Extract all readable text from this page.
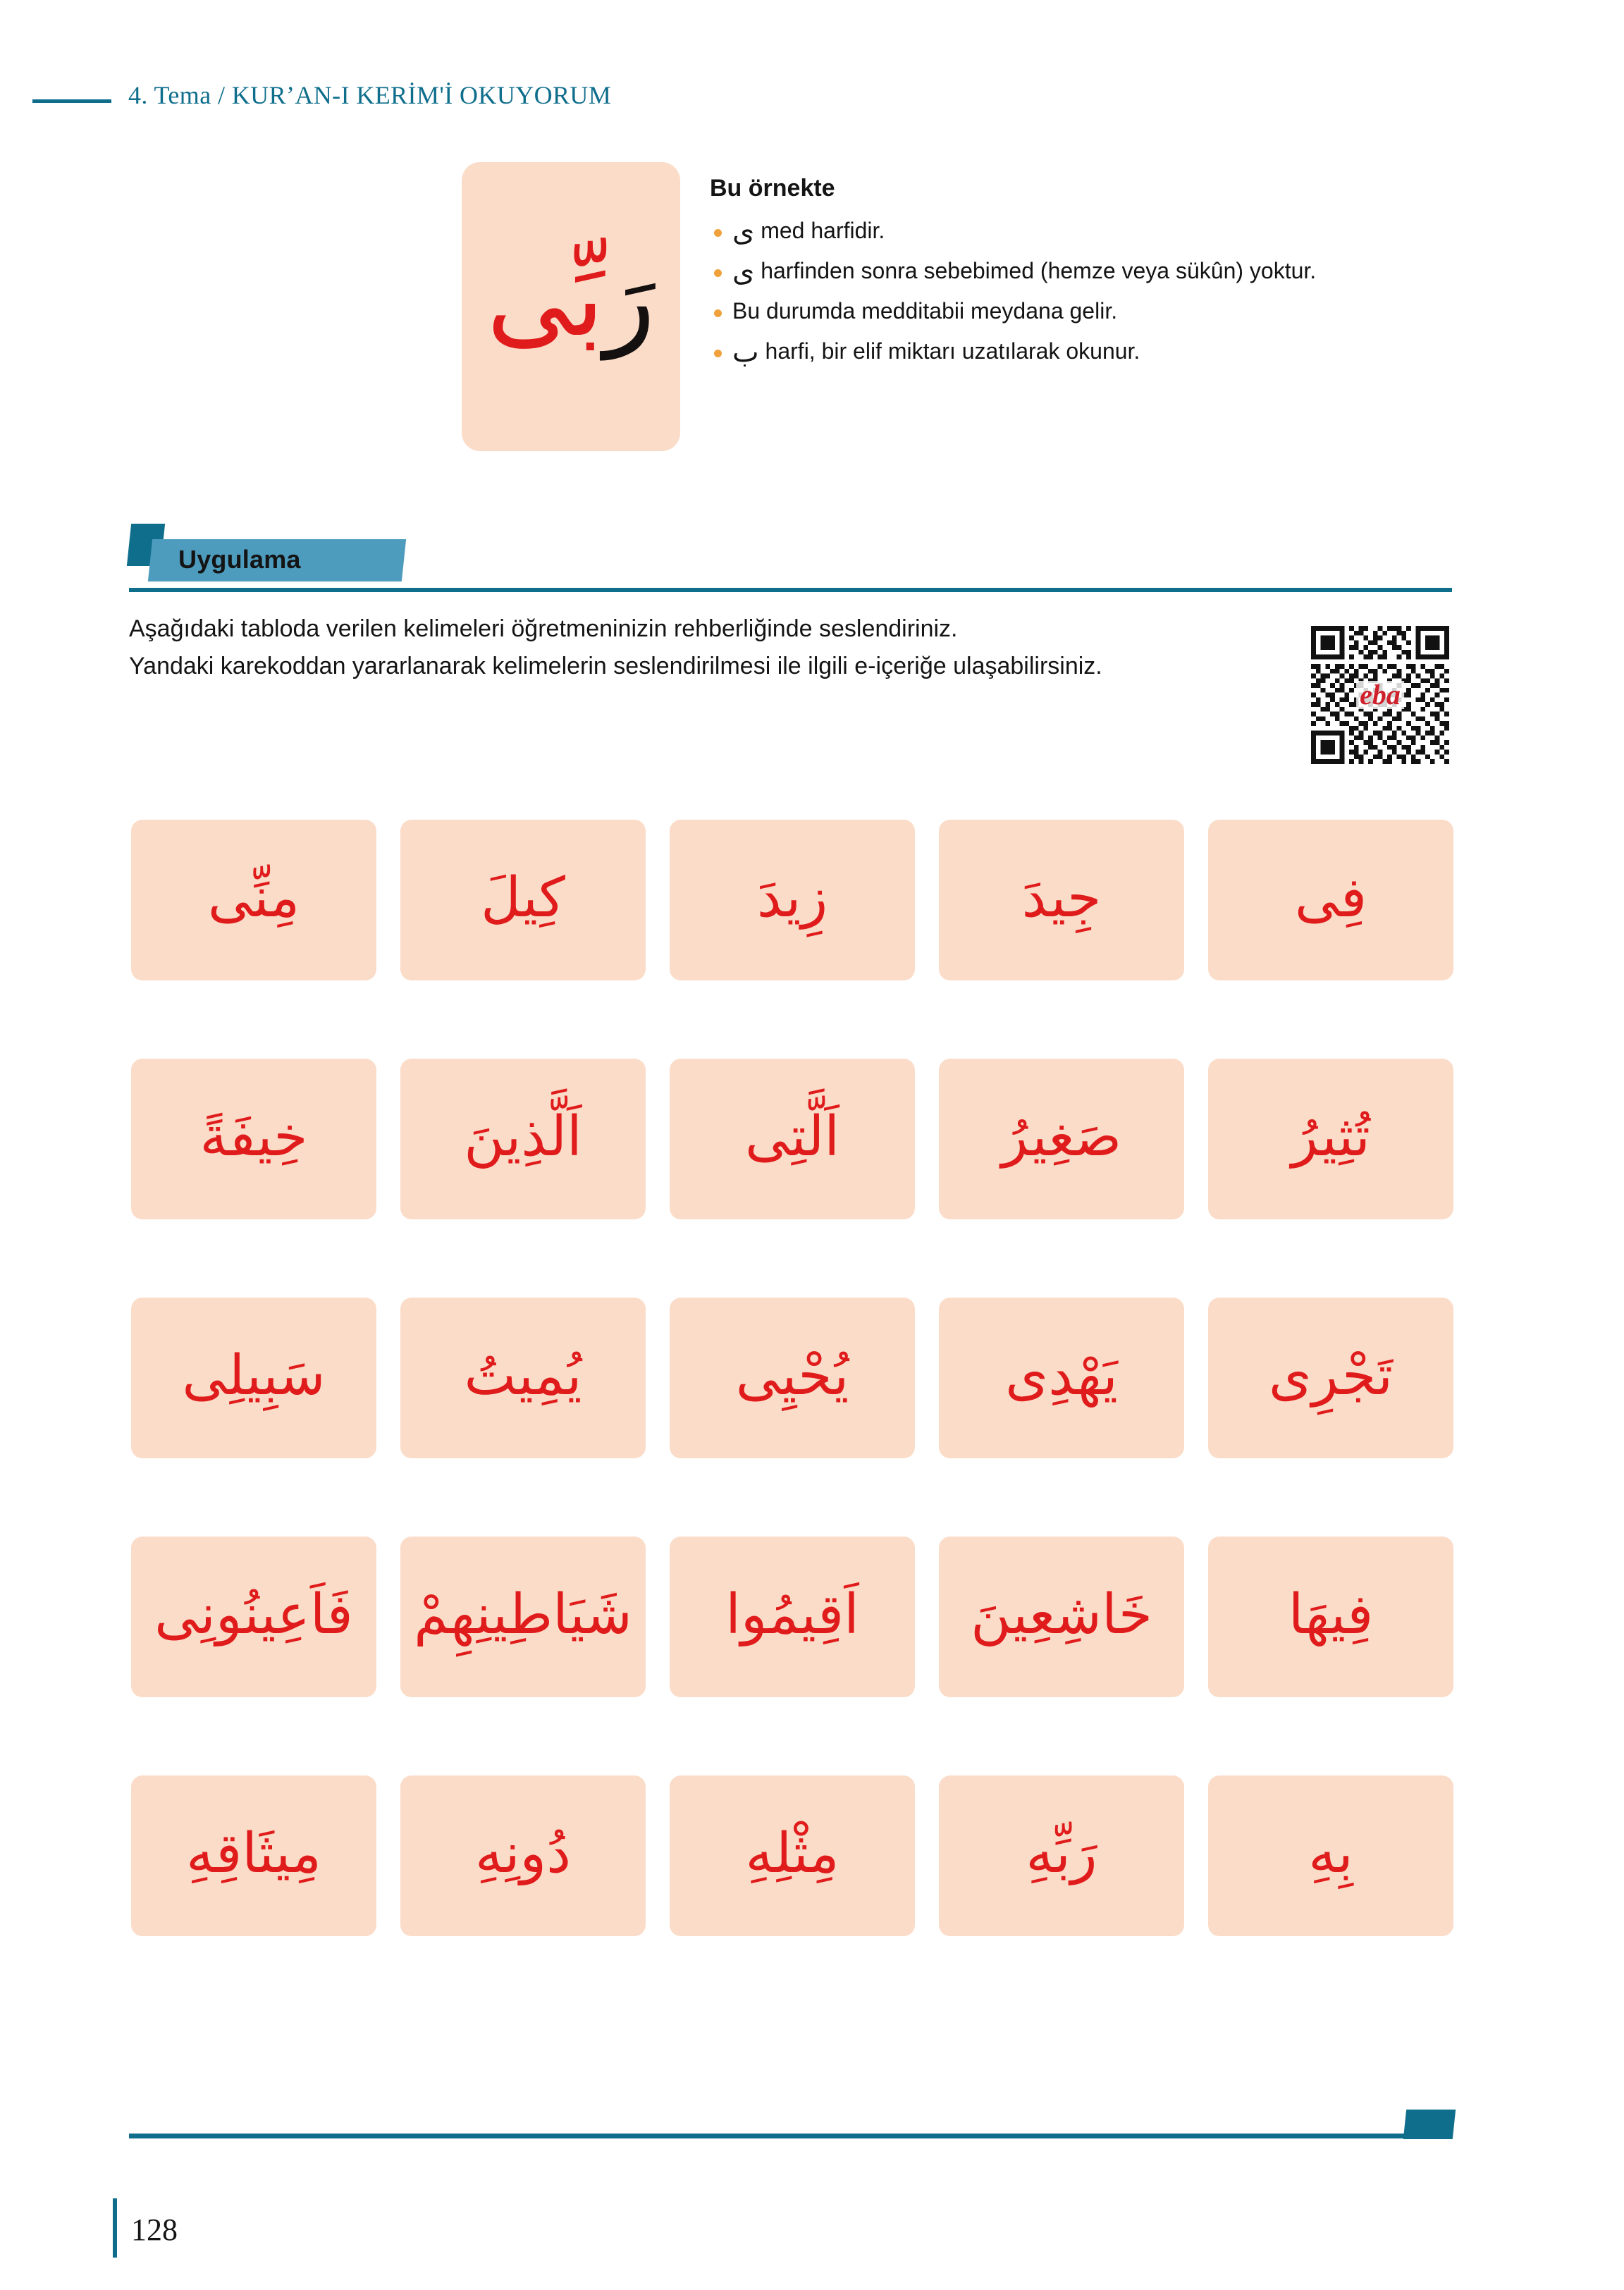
4. Tema / KUR’AN-I KERİM'İ OKUYORUM
رَبِّى
Bu örnekte
ى med harfidir.
ى harfinden sonra sebebimed (hemze veya sükûn) yoktur.
Bu durumda medditabii meydana gelir.
ب harfi, bir elif miktarı uzatılarak okunur.
Uygulama

Aşağıdaki tabloda verilen kelimeleri öğretmeninizin rehberliğinde seslendiriniz.

Yandaki karekoddan yararlanarak kelimelerin seslendirilmesi ile ilgili e-içeriğe ulaşabilirsiniz.

eba
فِى
جِيدَ
زِيدَ
كِيلَ
مِنِّى
تُثِيرُ
صَغِيرُ
اَلَّتِى
اَلَّذِينَ
خِيفَةً
تَجْرِى
يَهْدِى
يُحْيِى
يُمِيتُ
سَبِيلِى
فِيهَا
خَاشِعِينَ
اَقِيمُوا
شَيَاطِينِهِمْ
فَاَعِينُونِى
بِهِ
رَبِّهِ
مِثْلِهِ
دُونِهِ
مِيثَاقِهِ
128
